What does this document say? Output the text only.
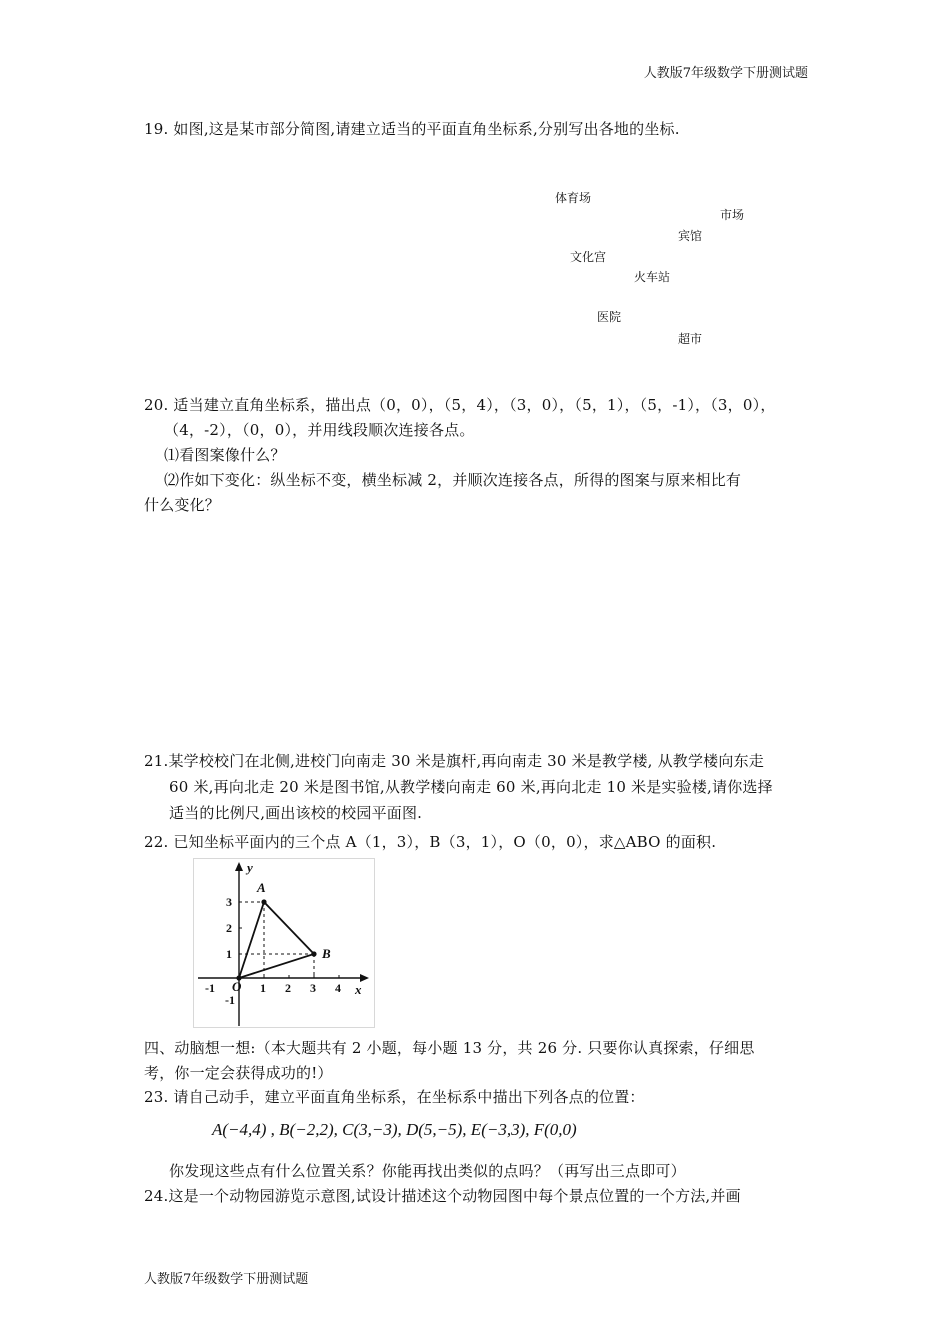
人教版7年级数学下册测试题
19. 如图,这是某市部分简图,请建立适当的平面直角坐标系,分别写出各地的坐标.
体育场
市场
宾馆
文化宫
火车站
医院
超市
20. 适当建立直角坐标系，描出点（0，0），（5，4），（3，0），（5，1），（5，-1），（3，0），
（4，-2），（0，0），并用线段顺次连接各点。
⑴看图案像什么？
⑵作如下变化：纵坐标不变，横坐标减 2，并顺次连接各点，所得的图案与原来相比有
什么变化？
21.某学校校门在北侧,进校门向南走 30 米是旗杆,再向南走 30 米是教学楼, 从教学楼向东走
60 米,再向北走 20 米是图书馆,从教学楼向南走 60 米,再向北走 10 米是实验楼,请你选择
适当的比例尺,画出该校的校园平面图.
22. 已知坐标平面内的三个点 A（1，3），B（3，1），O（0，0），求△ABO 的面积.
A
B
O
y
x
-1	1 2 3 4
3
2
1
-1
四、动脑想一想:（本大题共有 2 小题，每小题 13 分，共 26 分. 只要你认真探索，仔细思
考，你一定会获得成功的!）
23. 请自己动手，建立平面直角坐标系，在坐标系中描出下列各点的位置：
A(−4,4) , B(−2,2), C(3,−3), D(5,−5), E(−3,3), F(0,0)
你发现这些点有什么位置关系？你能再找出类似的点吗？（再写出三点即可）
24.这是一个动物园游览示意图,试设计描述这个动物园图中每个景点位置的一个方法,并画
人教版7年级数学下册测试题
